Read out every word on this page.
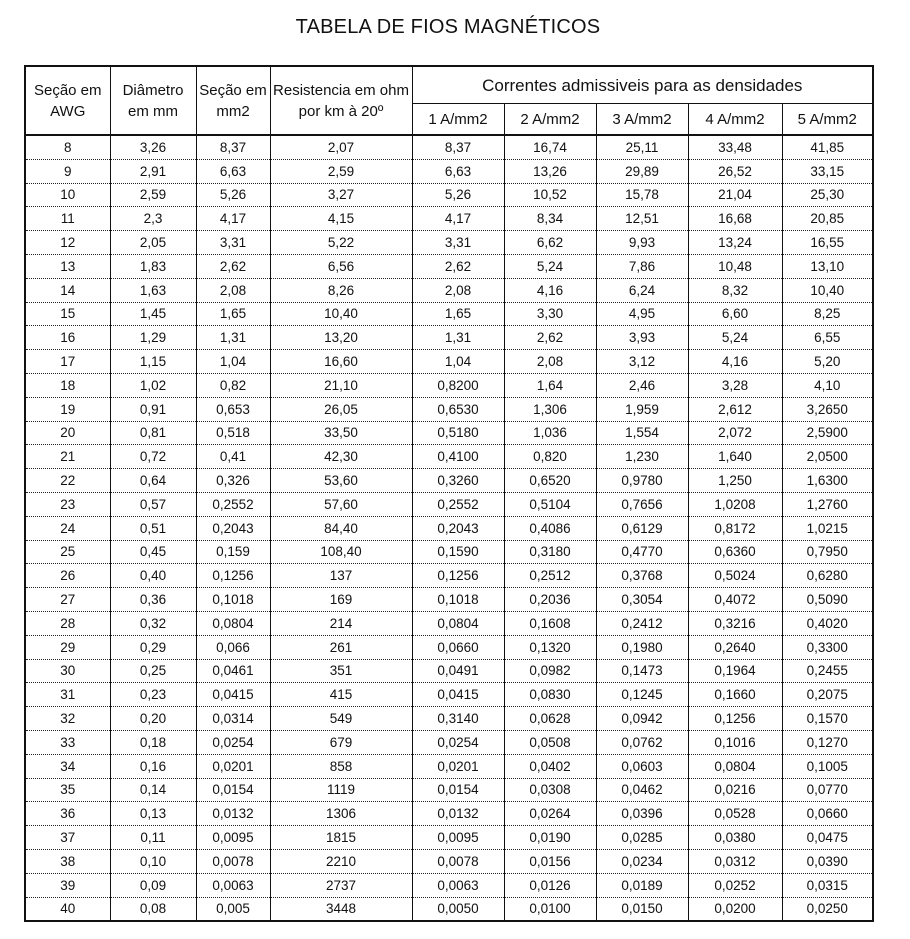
TABELA DE FIOS MAGNÉTICOS
Seção em AWG	Diâmetro em mm	Seção em mm2	Resistencia em ohm por km à 20º	Correntes admissiveis para as densidades				
				1 A/mm2	2 A/mm2	3 A/mm2	4 A/mm2	5 A/mm2
8	3,26	8,37	2,07	8,37	16,74	25,11	33,48	41,85
9	2,91	6,63	2,59	6,63	13,26	29,89	26,52	33,15
10	2,59	5,26	3,27	5,26	10,52	15,78	21,04	25,30
11	2,3	4,17	4,15	4,17	8,34	12,51	16,68	20,85
12	2,05	3,31	5,22	3,31	6,62	9,93	13,24	16,55
13	1,83	2,62	6,56	2,62	5,24	7,86	10,48	13,10
14	1,63	2,08	8,26	2,08	4,16	6,24	8,32	10,40
15	1,45	1,65	10,40	1,65	3,30	4,95	6,60	8,25
16	1,29	1,31	13,20	1,31	2,62	3,93	5,24	6,55
17	1,15	1,04	16,60	1,04	2,08	3,12	4,16	5,20
18	1,02	0,82	21,10	0,8200	1,64	2,46	3,28	4,10
19	0,91	0,653	26,05	0,6530	1,306	1,959	2,612	3,2650
20	0,81	0,518	33,50	0,5180	1,036	1,554	2,072	2,5900
21	0,72	0,41	42,30	0,4100	0,820	1,230	1,640	2,0500
22	0,64	0,326	53,60	0,3260	0,6520	0,9780	1,250	1,6300
23	0,57	0,2552	57,60	0,2552	0,5104	0,7656	1,0208	1,2760
24	0,51	0,2043	84,40	0,2043	0,4086	0,6129	0,8172	1,0215
25	0,45	0,159	108,40	0,1590	0,3180	0,4770	0,6360	0,7950
26	0,40	0,1256	137	0,1256	0,2512	0,3768	0,5024	0,6280
27	0,36	0,1018	169	0,1018	0,2036	0,3054	0,4072	0,5090
28	0,32	0,0804	214	0,0804	0,1608	0,2412	0,3216	0,4020
29	0,29	0,066	261	0,0660	0,1320	0,1980	0,2640	0,3300
30	0,25	0,0461	351	0,0491	0,0982	0,1473	0,1964	0,2455
31	0,23	0,0415	415	0,0415	0,0830	0,1245	0,1660	0,2075
32	0,20	0,0314	549	0,3140	0,0628	0,0942	0,1256	0,1570
33	0,18	0,0254	679	0,0254	0,0508	0,0762	0,1016	0,1270
34	0,16	0,0201	858	0,0201	0,0402	0,0603	0,0804	0,1005
35	0,14	0,0154	1119	0,0154	0,0308	0,0462	0,0216	0,0770
36	0,13	0,0132	1306	0,0132	0,0264	0,0396	0,0528	0,0660
37	0,11	0,0095	1815	0,0095	0,0190	0,0285	0,0380	0,0475
38	0,10	0,0078	2210	0,0078	0,0156	0,0234	0,0312	0,0390
39	0,09	0,0063	2737	0,0063	0,0126	0,0189	0,0252	0,0315
40	0,08	0,005	3448	0,0050	0,0100	0,0150	0,0200	0,0250
